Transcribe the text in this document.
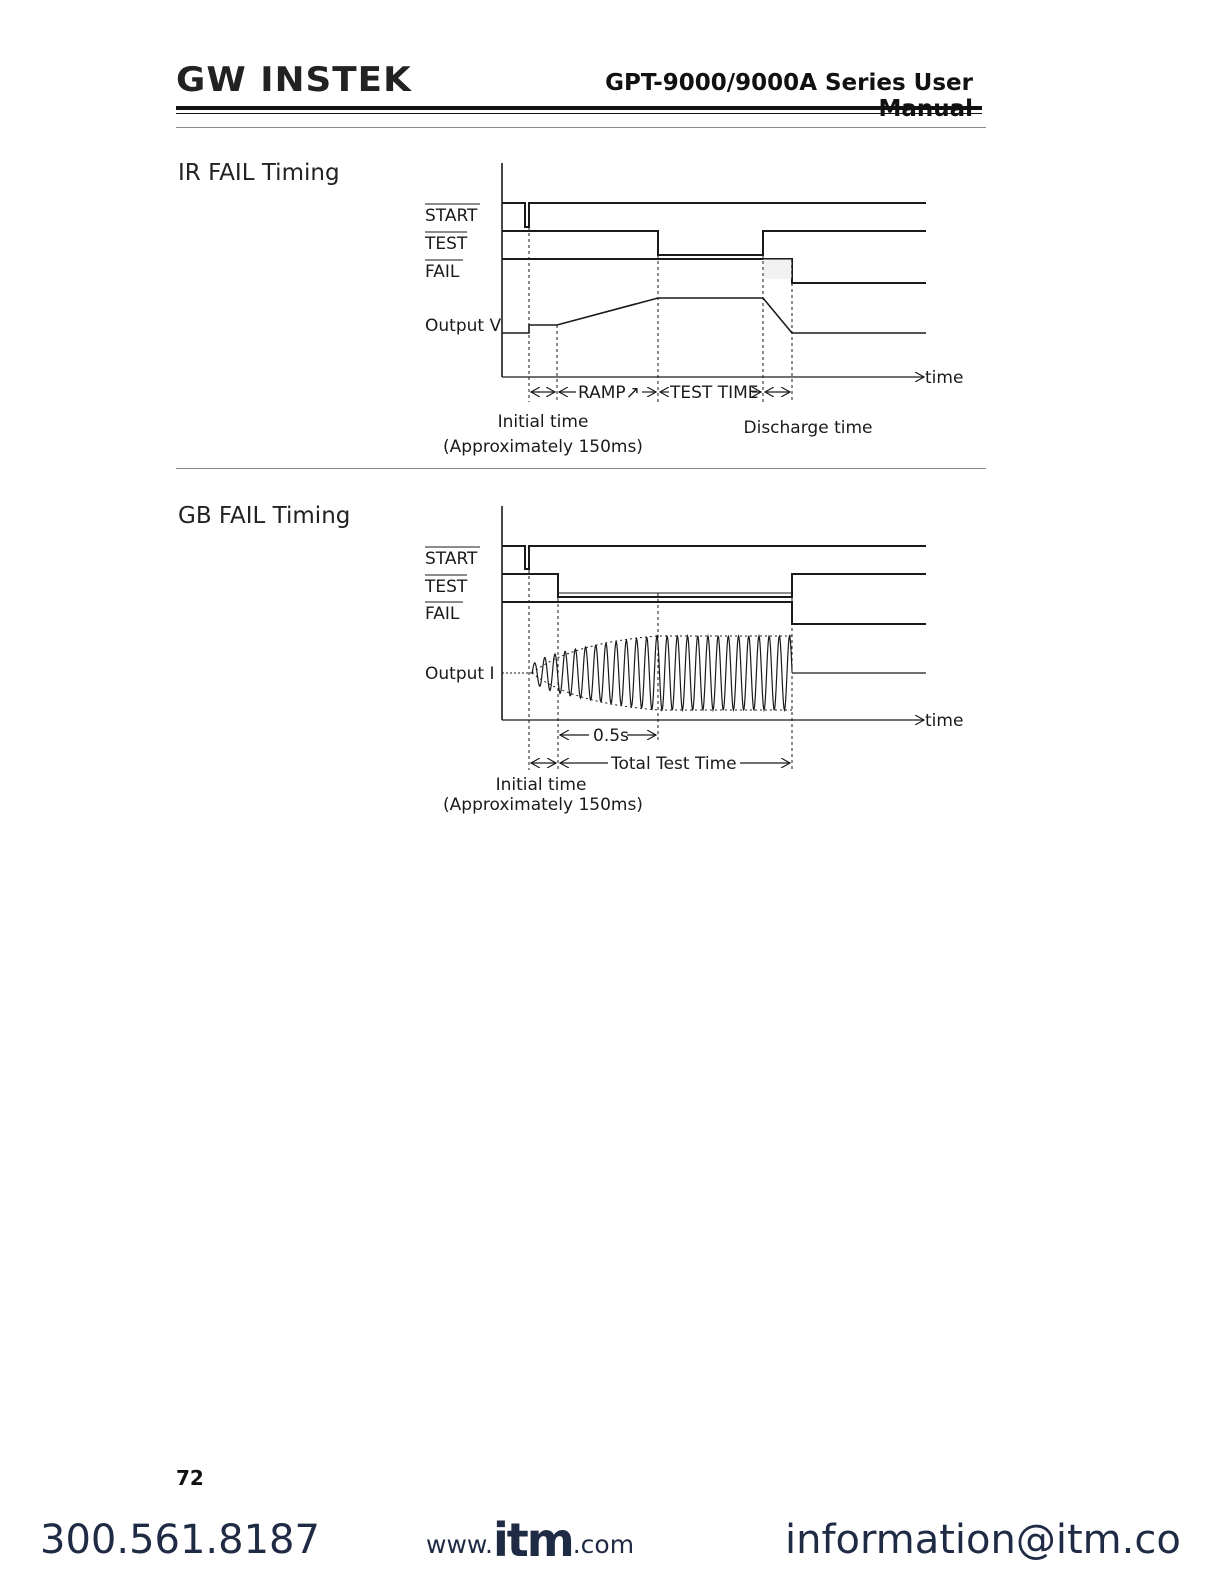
GW INSTEK	GPT-9000/9000A Series User
IR FAIL Timing
START
TEST
FAIL
Output V
time
RAMP↗ TEST TIME
Initial time
(Approximately 150ms)
Discharge time
GB FAIL Timing
START
TEST
FAIL
Output I
time
0.5s
Total Test Time
Initial time
(Approximately 150ms)
72
300.561.8187	www. itm .com	information@itm.co
